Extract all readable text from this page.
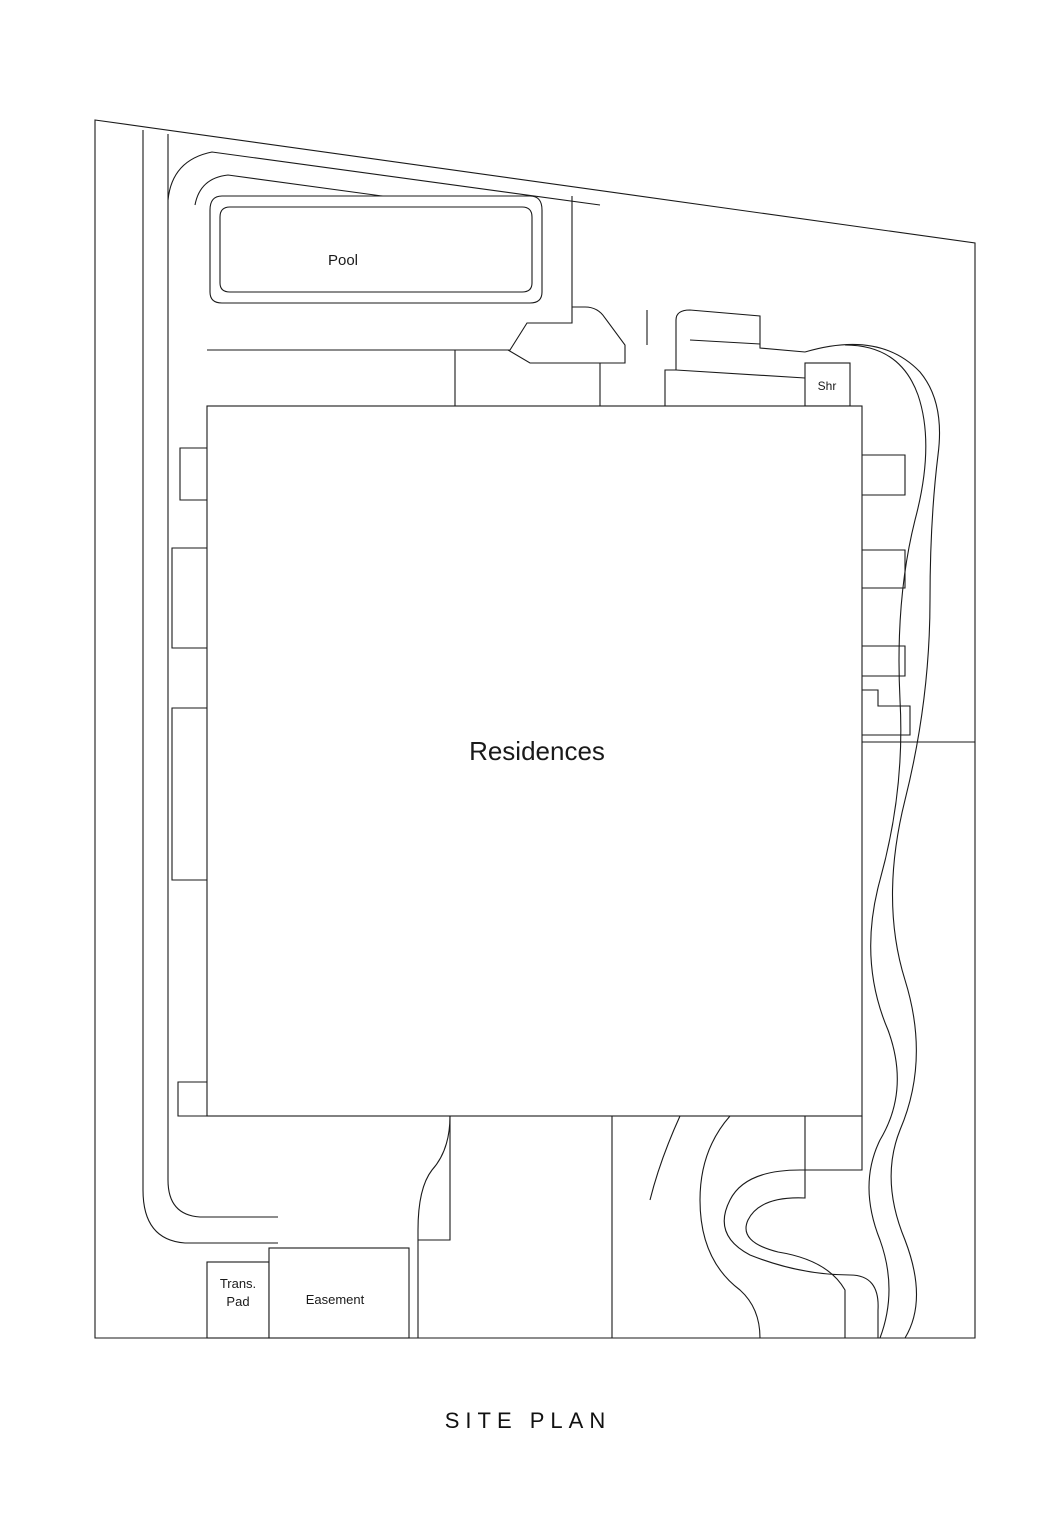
Pool
Shr
Residences
Trans.
Pad	Easement
SITE PLAN
